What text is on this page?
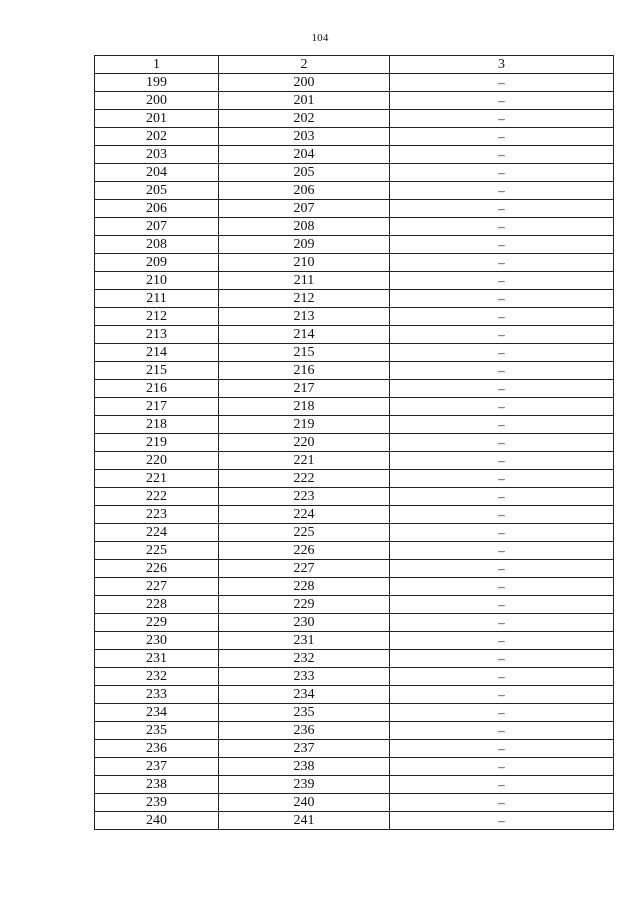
104
1	2	3
199	200	–
200	201	–
201	202	–
202	203	–
203	204	–
204	205	–
205	206	–
206	207	–
207	208	–
208	209	–
209	210	–
210	211	–
211	212	–
212	213	–
213	214	–
214	215	–
215	216	–
216	217	–
217	218	–
218	219	–
219	220	–
220	221	–
221	222	–
222	223	–
223	224	–
224	225	–
225	226	–
226	227	–
227	228	–
228	229	–
229	230	–
230	231	–
231	232	–
232	233	–
233	234	–
234	235	–
235	236	–
236	237	–
237	238	–
238	239	–
239	240	–
240	241	–
